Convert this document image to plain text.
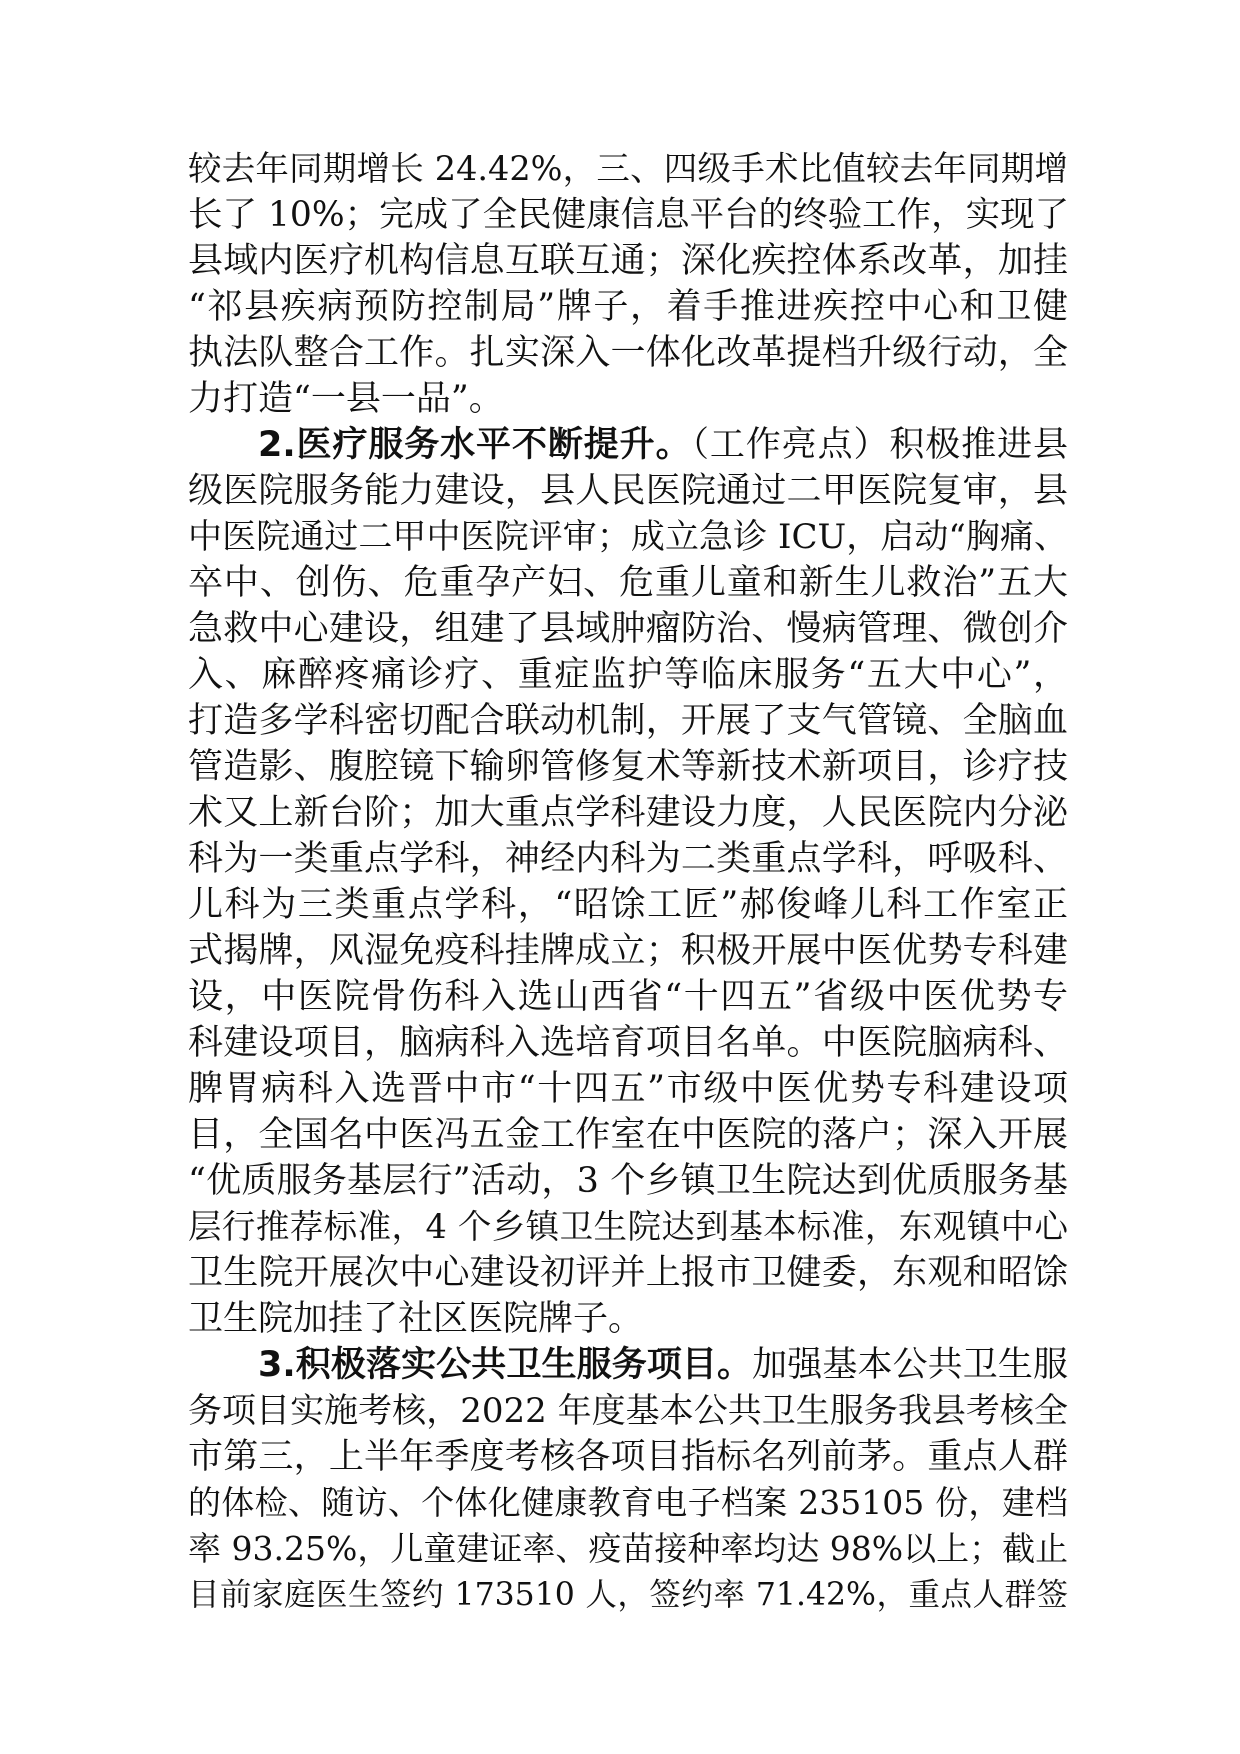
较去年同期增长 24.42%，三、四级手术比值较去年同期增
长了 10%；完成了全民健康信息平台的终验工作，实现了
县域内医疗机构信息互联互通；深化疾控体系改革，加挂
“祁县疾病预防控制局”牌子，着手推进疾控中心和卫健
执法队整合工作。扎实深入一体化改革提档升级行动，全
力打造“一县一品”。
2.医疗服务水平不断提升。（工作亮点）积极推进县
级医院服务能力建设，县人民医院通过二甲医院复审，县
中医院通过二甲中医院评审；成立急诊 ICU，启动“胸痛、
卒中、创伤、危重孕产妇、危重儿童和新生儿救治”五大
急救中心建设，组建了县域肿瘤防治、慢病管理、微创介
入、麻醉疼痛诊疗、重症监护等临床服务“五大中心”，
打造多学科密切配合联动机制，开展了支气管镜、全脑血
管造影、腹腔镜下输卵管修复术等新技术新项目，诊疗技
术又上新台阶；加大重点学科建设力度，人民医院内分泌
科为一类重点学科，神经内科为二类重点学科，呼吸科、
儿科为三类重点学科，“昭馀工匠”郝俊峰儿科工作室正
式揭牌，风湿免疫科挂牌成立；积极开展中医优势专科建
设，中医院骨伤科入选山西省“十四五”省级中医优势专
科建设项目，脑病科入选培育项目名单。中医院脑病科、
脾胃病科入选晋中市“十四五”市级中医优势专科建设项
目，全国名中医冯五金工作室在中医院的落户；深入开展
“优质服务基层行”活动，3 个乡镇卫生院达到优质服务基
层行推荐标准，4 个乡镇卫生院达到基本标准，东观镇中心
卫生院开展次中心建设初评并上报市卫健委，东观和昭馀
卫生院加挂了社区医院牌子。
3.积极落实公共卫生服务项目。加强基本公共卫生服
务项目实施考核，2022 年度基本公共卫生服务我县考核全
市第三，上半年季度考核各项目指标名列前茅。重点人群
的体检、随访、个体化健康教育电子档案 235105 份，建档
率 93.25%，儿童建证率、疫苗接种率均达 98%以上；截止
目前家庭医生签约 173510 人，签约率 71.42%，重点人群签
